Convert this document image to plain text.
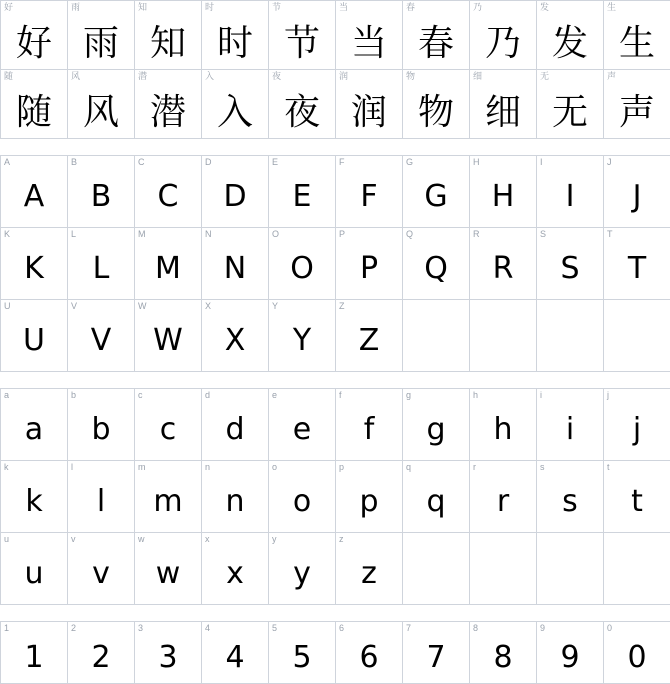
好
好
雨
雨
知
知
时
时
节
节
当
当
春
春
乃
乃
发
发
生
生
随
随
风
风
潜
潜
入
入
夜
夜
润
润
物
物
细
细
无
无
声
声
A
A
B
B
C
C
D
D
E
E
F
F
G
G
H
H
I
I
J
J
K
K
L
L
M
M
N
N
O
O
P
P
Q
Q
R
R
S
S
T
T
U
U
V
V
W
W
X
X
Y
Y
Z
Z
a
a
b
b
c
c
d
d
e
e
f
f
g
g
h
h
i
i
j
j
k
k
l
l
m
m
n
n
o
o
p
p
q
q
r
r
s
s
t
t
u
u
v
v
w
w
x
x
y
y
z
z
1
1
2
2
3
3
4
4
5
5
6
6
7
7
8
8
9
9
0
0
